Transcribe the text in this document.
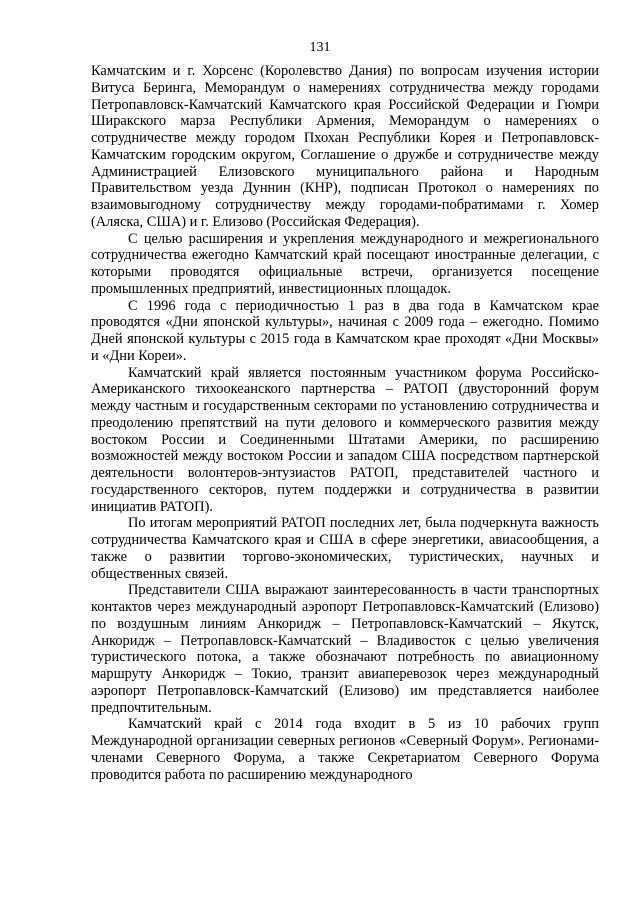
131

Камчатским и г. Хорсенс (Королевство Дания) по вопросам изучения истории Витуса Беринга, Меморандум о намерениях сотрудничества между городами Петропавловск-Камчатский Камчатского края Российской Федерации и Гюмри Ширакского марза Республики Армения, Меморандум о намерениях о сотрудничестве между городом Пхохан Республики Корея и Петропавловск-Камчатским городским округом, Соглашение о дружбе и сотрудничестве между Администрацией Елизовского муниципального района и Народным Правительством уезда Дуннин (КНР), подписан Протокол о намерениях по взаимовыгодному сотрудничеству между городами-побратимами г. Хомер (Аляска, США) и г. Елизово (Российская Федерация).

С целью расширения и укрепления международного и межрегионального сотрудничества ежегодно Камчатский край посещают иностранные делегации, с которыми проводятся официальные встречи, организуется посещение промышленных предприятий, инвестиционных площадок.

С 1996 года с периодичностью 1 раз в два года в Камчатском крае проводятся «Дни японской культуры», начиная с 2009 года – ежегодно. Помимо Дней японской культуры с 2015 года в Камчатском крае проходят «Дни Москвы» и «Дни Кореи».

Камчатский край является постоянным участником форума Российско-Американского тихоокеанского партнерства – РАТОП (двусторонний форум между частным и государственным секторами по установлению сотрудничества и преодолению препятствий на пути делового и коммерческого развития между востоком России и Соединенными Штатами Америки, по расширению возможностей между востоком России и западом США посредством партнерской деятельности волонтеров-энтузиастов РАТОП, представителей частного и государственного секторов, путем поддержки и сотрудничества в развитии инициатив РАТОП).

По итогам мероприятий РАТОП последних лет, была подчеркнута важность сотрудничества Камчатского края и США в сфере энергетики, авиасообщения, а также о развитии торгово-экономических, туристических, научных и общественных связей.

Представители США выражают заинтересованность в части транспортных контактов через международный аэропорт Петропавловск-Камчатский (Елизово) по воздушным линиям Анкоридж – Петропавловск-Камчатский – Якутск, Анкоридж – Петропавловск-Камчатский – Владивосток с целью увеличения туристического потока, а также обозначают потребность по авиационному маршруту Анкоридж – Токио, транзит авиаперевозок через международный аэропорт Петропавловск-Камчатский (Елизово) им представляется наиболее предпочтительным.

Камчатский край с 2014 года входит в 5 из 10 рабочих групп Международной организации северных регионов «Северный Форум». Регионами-членами Северного Форума, а также Секретариатом Северного Форума проводится работа по расширению международного
